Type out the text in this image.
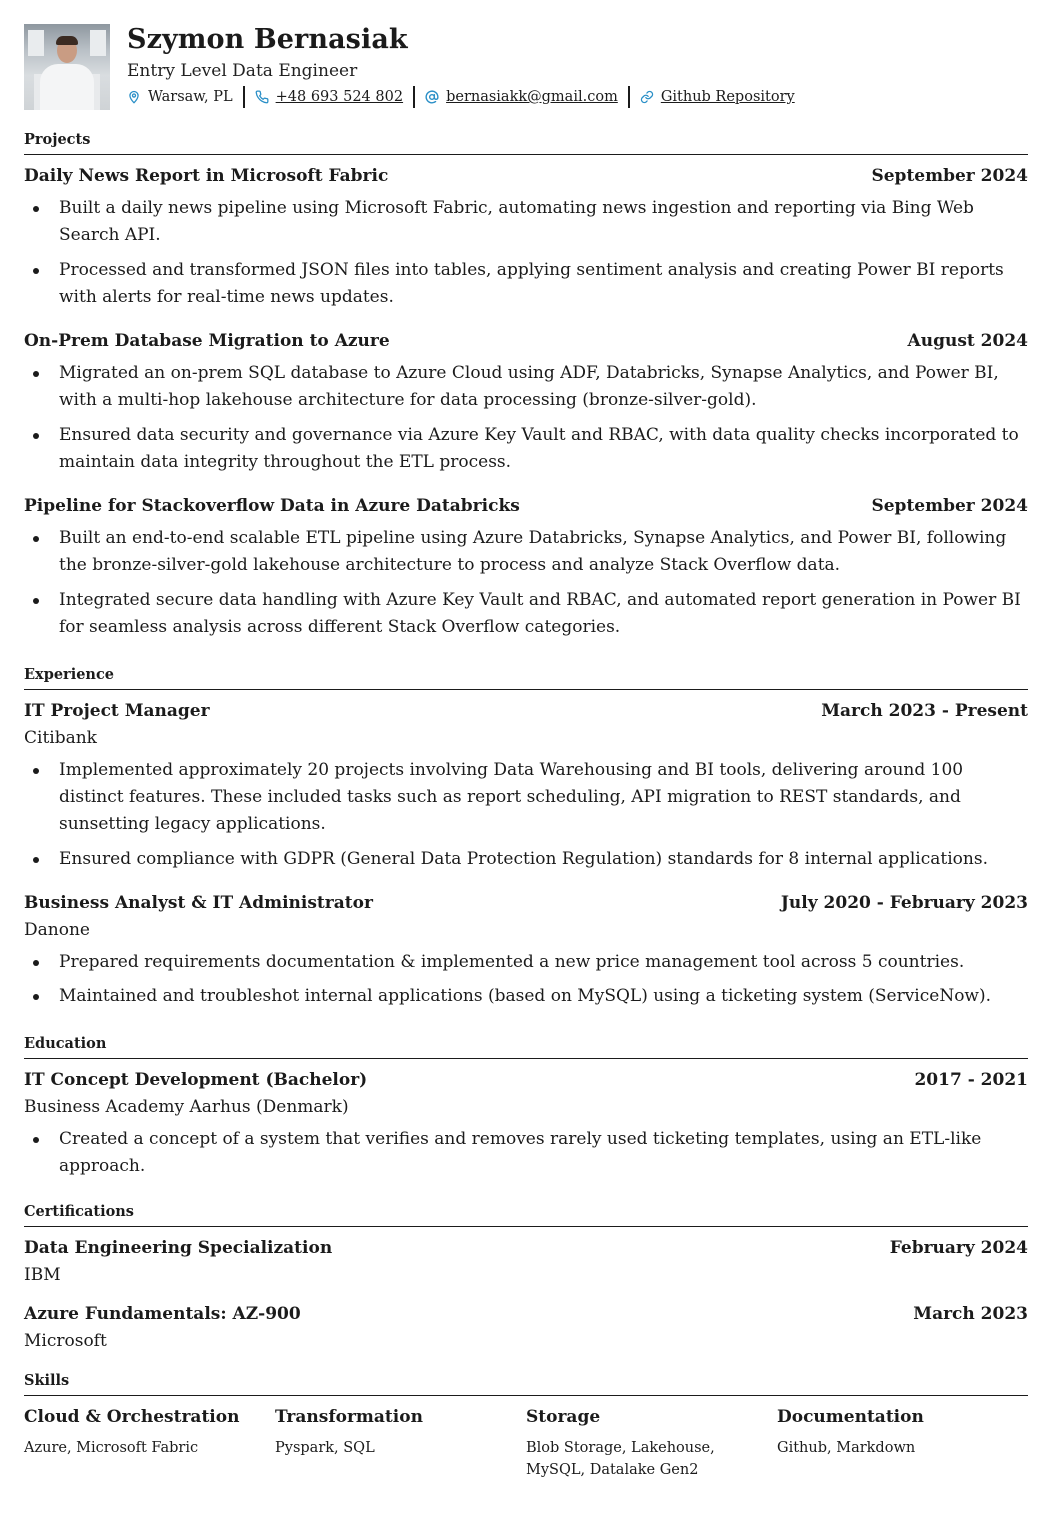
Szymon Bernasiak
Entry Level Data Engineer
Warsaw, PL	+48 693 524 802	bernasiakk@gmail.com	Github Repository
Projects
Daily News Report in Microsoft Fabric	September 2024
Built a daily news pipeline using Microsoft Fabric, automating news ingestion and reporting via Bing Web Search API.
Processed and transformed JSON files into tables, applying sentiment analysis and creating Power BI reports with alerts for real-time news updates.
On-Prem Database Migration to Azure	August 2024
Migrated an on-prem SQL database to Azure Cloud using ADF, Databricks, Synapse Analytics, and Power BI, with a multi-hop lakehouse architecture for data processing (bronze-silver-gold).
Ensured data security and governance via Azure Key Vault and RBAC, with data quality checks incorporated to maintain data integrity throughout the ETL process.
Pipeline for Stackoverflow Data in Azure Databricks	September 2024
Built an end-to-end scalable ETL pipeline using Azure Databricks, Synapse Analytics, and Power BI, following the bronze-silver-gold lakehouse architecture to process and analyze Stack Overflow data.
Integrated secure data handling with Azure Key Vault and RBAC, and automated report generation in Power BI for seamless analysis across different Stack Overflow categories.
Experience
IT Project Manager	March 2023 - Present
Citibank
Implemented approximately 20 projects involving Data Warehousing and BI tools, delivering around 100 distinct features. These included tasks such as report scheduling, API migration to REST standards, and sunsetting legacy applications.
Ensured compliance with GDPR (General Data Protection Regulation) standards for 8 internal applications.
Business Analyst & IT Administrator	July 2020 - February 2023
Danone
Prepared requirements documentation & implemented a new price management tool across 5 countries.
Maintained and troubleshot internal applications (based on MySQL) using a ticketing system (ServiceNow).
Education
IT Concept Development (Bachelor)	2017 - 2021
Business Academy Aarhus (Denmark)
Created a concept of a system that verifies and removes rarely used ticketing templates, using an ETL-like approach.
Certifications
Data Engineering Specialization	February 2024
IBM
Azure Fundamentals: AZ-900	March 2023
Microsoft
Skills
Cloud & Orchestration

Azure, Microsoft Fabric

Transformation

Pyspark, SQL

Storage

Blob Storage, Lakehouse, MySQL, Datalake Gen2

Documentation

Github, Markdown
